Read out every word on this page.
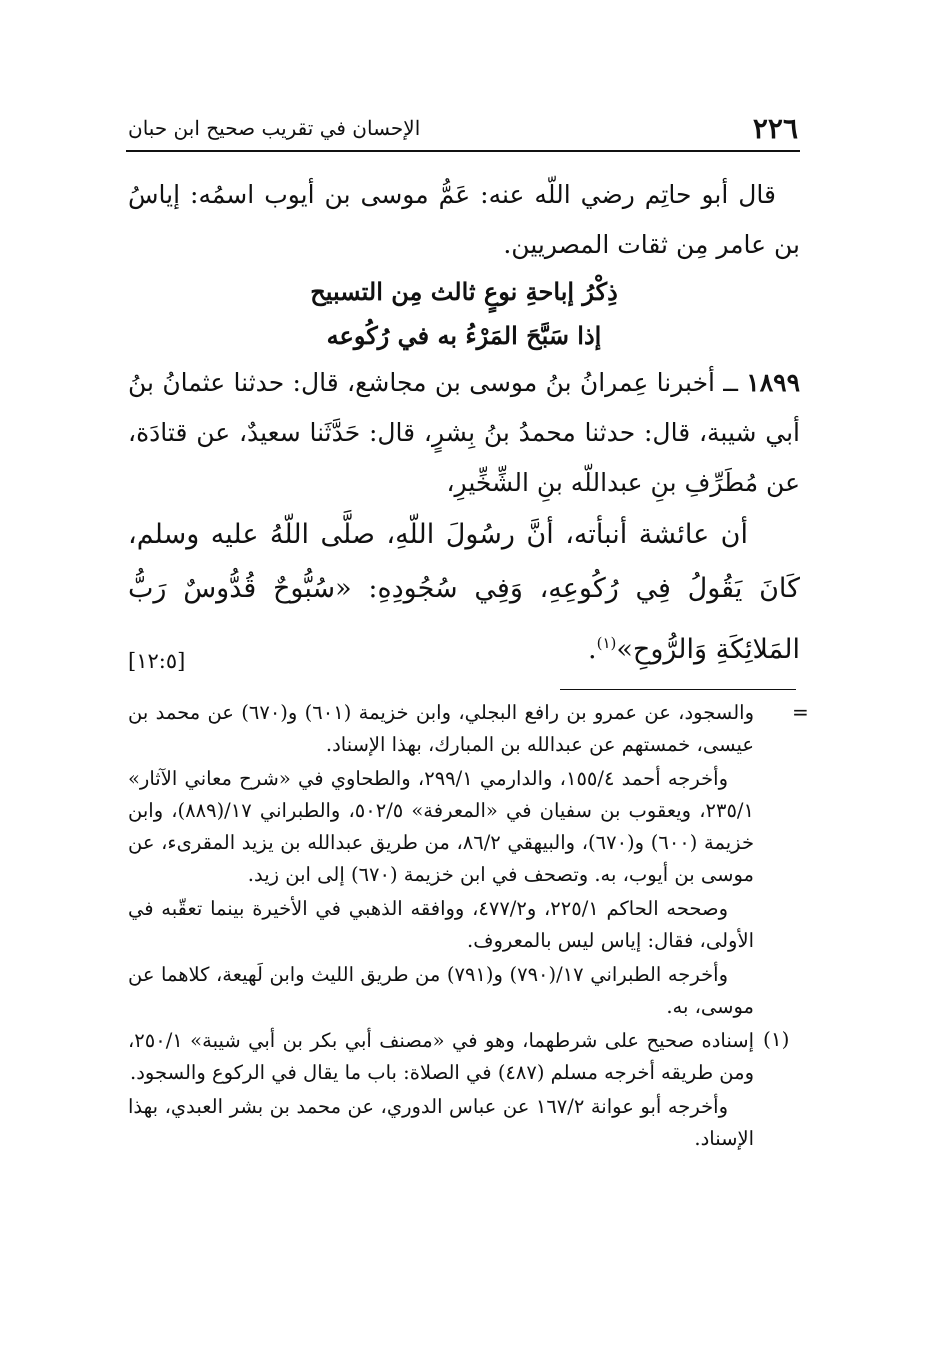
٢٢٦
الإحسان في تقريب صحيح ابن حبان

قال أبو حاتِم رضي اللّه عنه: عَمُّ موسى بن أيوب اسمُه: إياسُ بن عامر مِن ثقات المصريين.

ذِكْرُ إباحةِ نوعٍ ثالث مِن التسبيح

إذا سَبَّحَ المَرْءُ به في رُكُوعه

١٨٩٩ ــ أخبرنا عِمرانُ بنُ موسى بن مجاشع، قال: حدثنا عثمانُ بنُ أبي شيبة، قال: حدثنا محمدُ بنُ بِشرٍ، قال: حَدَّثَنا سعيدٌ، عن قتادَة، عن مُطَرِّفِ بنِ عبداللّه بنِ الشِّخِّيرِ،

أن عائشة أنبأته، أنَّ رسُولَ اللّهِ، صلَّى اللّهُ عليه وسلم، كَانَ يَقُولُ فِي رُكُوعِهِ، وَفِي سُجُودِهِ: «سُبُّوحٌ قُدُّوسٌ رَبُّ المَلائِكَةِ وَالرُّوحِ»$^{(١)}$.

[١٢:٥]
=

والسجود، عن عمرو بن رافع البجلي، وابن خزيمة (٦٠١) و(٦٧٠) عن محمد بن عيسى، خمستهم عن عبدالله بن المبارك، بهذا الإسناد.

وأخرجه أحمد ١٥٥/٤، والدارمي ٢٩٩/١، والطحاوي في «شرح معاني الآثار» ٢٣٥/١، ويعقوب بن سفيان في «المعرفة» ٥٠٢/٥، والطبراني ١٧/(٨٨٩)، وابن خزيمة (٦٠٠) و(٦٧٠)، والبيهقي ٨٦/٢، من طريق عبدالله بن يزيد المقرىء، عن موسى بن أيوب، به. وتصحف في ابن خزيمة (٦٧٠) إلى ابن زيد.

وصححه الحاكم ٢٢٥/١، و٤٧٧/٢، ووافقه الذهبي في الأخيرة بينما تعقّبه في الأولى، فقال: إياس ليس بالمعروف.

وأخرجه الطبراني ١٧/(٧٩٠) و(٧٩١) من طريق الليث وابن لَهيعة، كلاهما عن موسى، به.

إسناده صحيح على شرطهما، وهو في «مصنف أبي بكر بن أبي شيبة» ٢٥٠/١، ومن طريقه أخرجه مسلم (٤٨٧) في الصلاة: باب ما يقال في الركوع والسجود.

وأخرجه أبو عوانة ١٦٧/٢ عن عباس الدوري، عن محمد بن بشر العبدي، بهذا الإسناد.

(١)
